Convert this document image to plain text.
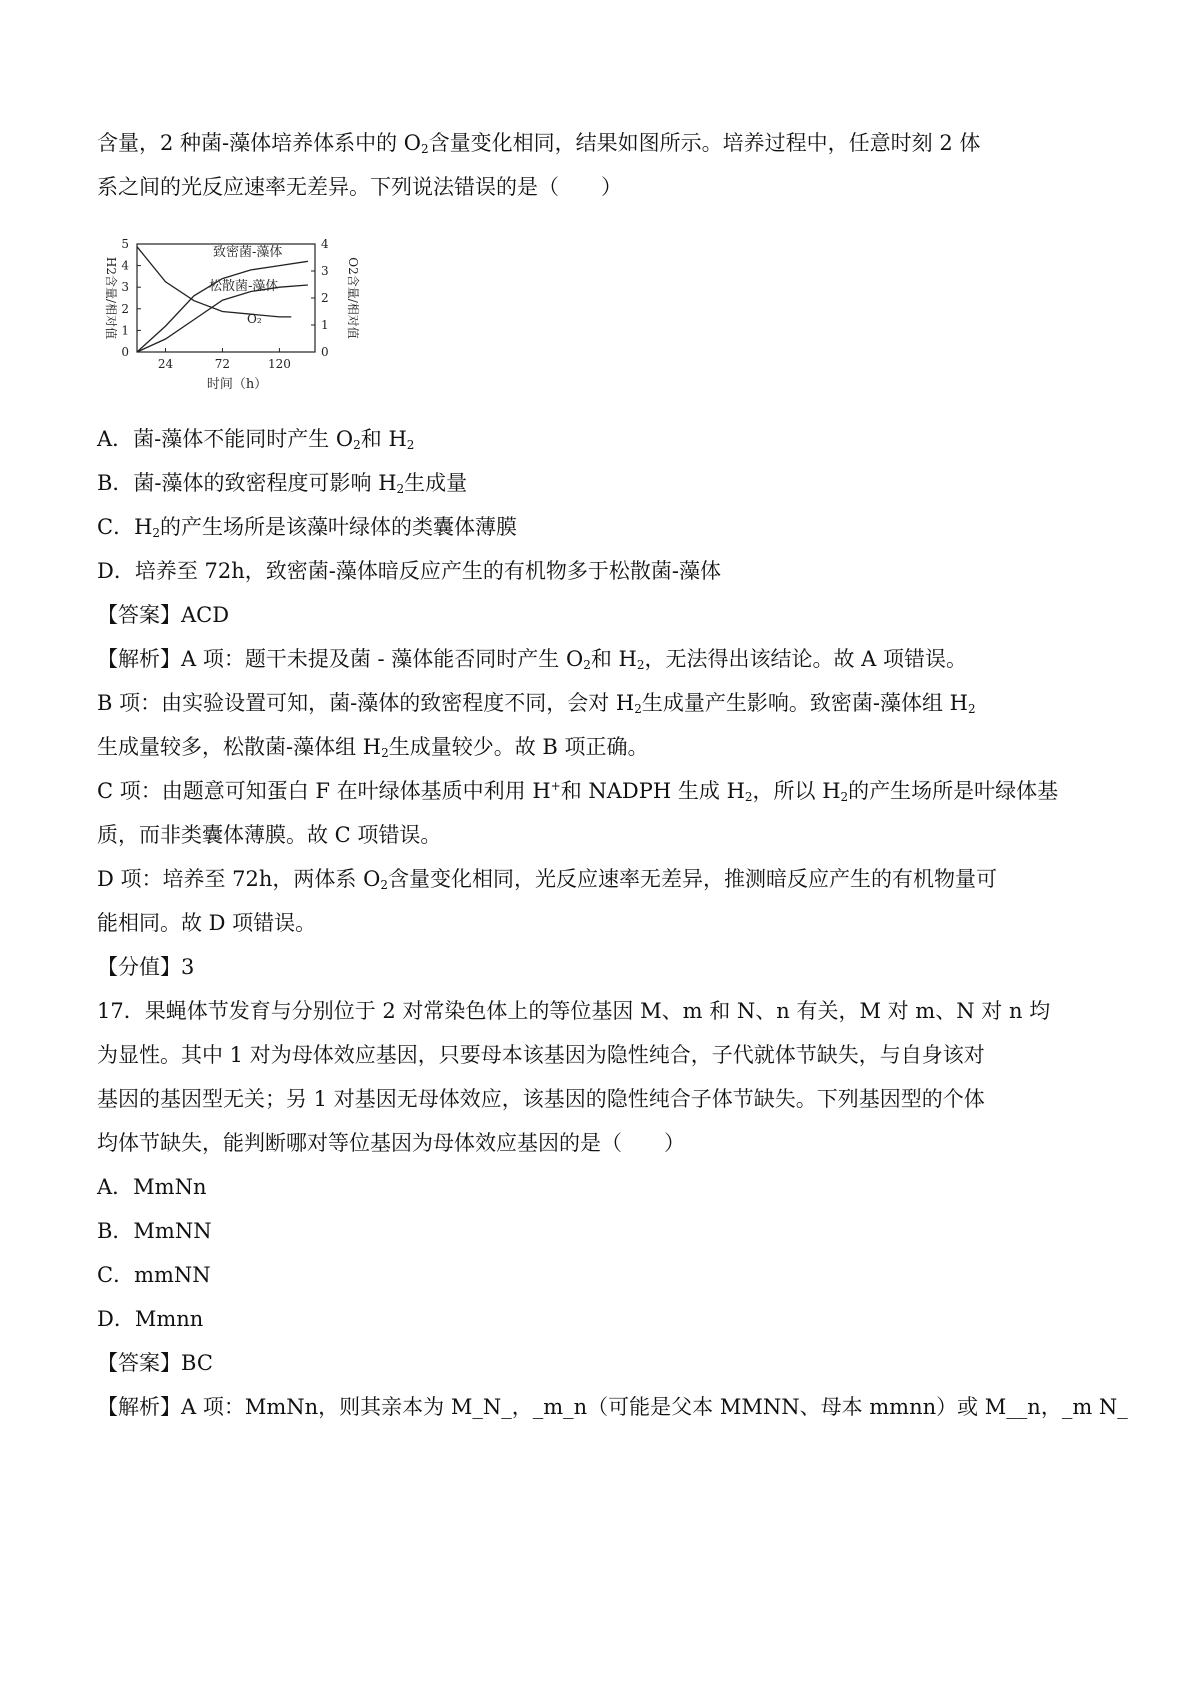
含量，2 种菌-藻体培养体系中的 $O_2$含量变化相同，结果如图所示。培养过程中，任意时刻 2 体
系之间的光反应速率无差异。下列说法错误的是（　　）
0
1
2
3
4
5
0
1
2
3
4
24	72	120
H2含量/相对值	O2含量/相对值
时间（h）
致密菌-藻体
松散菌-藻体
O₂
A．菌-藻体不能同时产生 $O_2$和 $H_2$
B．菌-藻体的致密程度可影响 $H_2$生成量
C．$H_2$的产生场所是该藻叶绿体的类囊体薄膜
D．培养至 72h，致密菌-藻体暗反应产生的有机物多于松散菌-藻体
【答案】ACD
【解析】A 项：题干未提及菌 - 藻体能否同时产生 $O_2$和 $H_2$，无法得出该结论。故 A 项错误。
B 项：由实验设置可知，菌-藻体的致密程度不同，会对 $H_2$生成量产生影响。致密菌-藻体组 $H_2$
生成量较多，松散菌-藻体组 $H_2$生成量较少。故 B 项正确。
C 项：由题意可知蛋白 F 在叶绿体基质中利用 H+和 NADPH 生成 $H_2$，所以 $H_2$的产生场所是叶绿体基
质，而非类囊体薄膜。故 C 项错误。
D 项：培养至 72h，两体系 $O_2$含量变化相同，光反应速率无差异，推测暗反应产生的有机物量可
能相同。故 D 项错误。
【分值】3
17．果蝇体节发育与分别位于 2 对常染色体上的等位基因 M、m 和 N、n 有关，M 对 m、N 对 n 均
为显性。其中 1 对为母体效应基因，只要母本该基因为隐性纯合，子代就体节缺失，与自身该对
基因的基因型无关；另 1 对基因无母体效应，该基因的隐性纯合子体节缺失。下列基因型的个体
均体节缺失，能判断哪对等位基因为母体效应基因的是（　　）
A．MmNn
B．MmNN
C．mmNN
D．Mmnn
【答案】BC
【解析】A 项：MmNn，则其亲本为 M_N_，_m_n（可能是父本 MMNN、母本 mmnn）或 M__n，_m N_
